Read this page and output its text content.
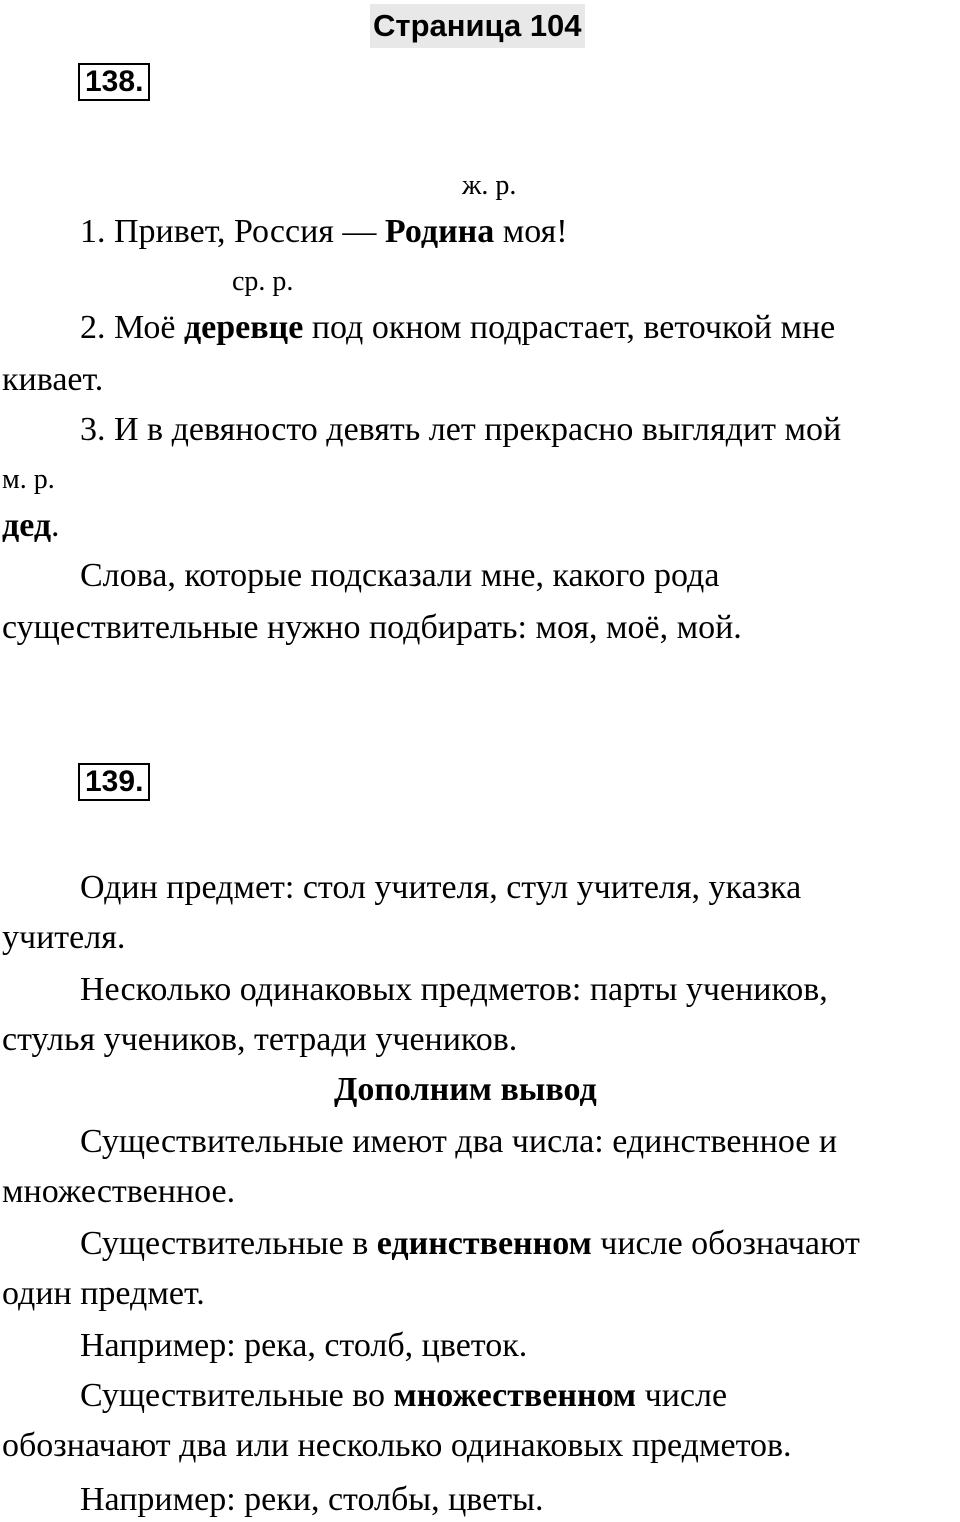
Страница 104
138.
ж. р.
1. Привет, Россия — Родина моя!
ср. р.
2. Моё деревце под окном подрастает, веточкой мне
кивает.
3. И в девяносто девять лет прекрасно выглядит мой
м. р.
дед.
Слова, которые подсказали мне, какого рода
существительные нужно подбирать: моя, моё, мой.
139.
Один предмет: стол учителя, стул учителя, указка
учителя.
Несколько одинаковых предметов: парты учеников,
стулья учеников, тетради учеников.
Дополним вывод
Существительные имеют два числа: единственное и
множественное.
Существительные в единственном числе обозначают
один предмет.
Например: река, столб, цветок.
Существительные во множественном числе
обозначают два или несколько одинаковых предметов.
Например: реки, столбы, цветы.
